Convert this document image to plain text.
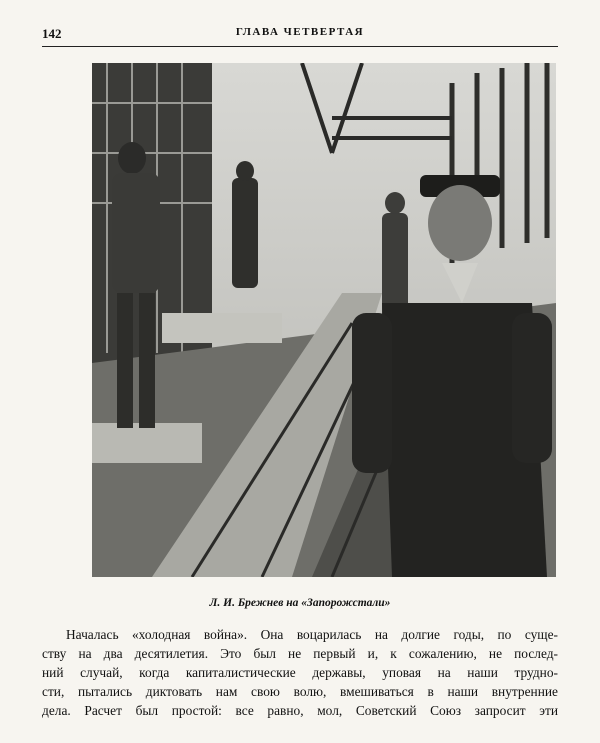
142	ГЛАВА ЧЕТВЕРТАЯ
Л. И. Брежнев на «Запорожстали»
Началась «холодная война». Она воцарилась на долгие годы, по суще-
ству на два десятилетия. Это был не первый и, к сожалению, не послед-
ний случай, когда капиталистические державы, уповая на наши трудно-
сти, пытались диктовать нам свою волю, вмешиваться в наши внутренние
дела. Расчет был простой: все равно, мол, Советский Союз запросит эти
